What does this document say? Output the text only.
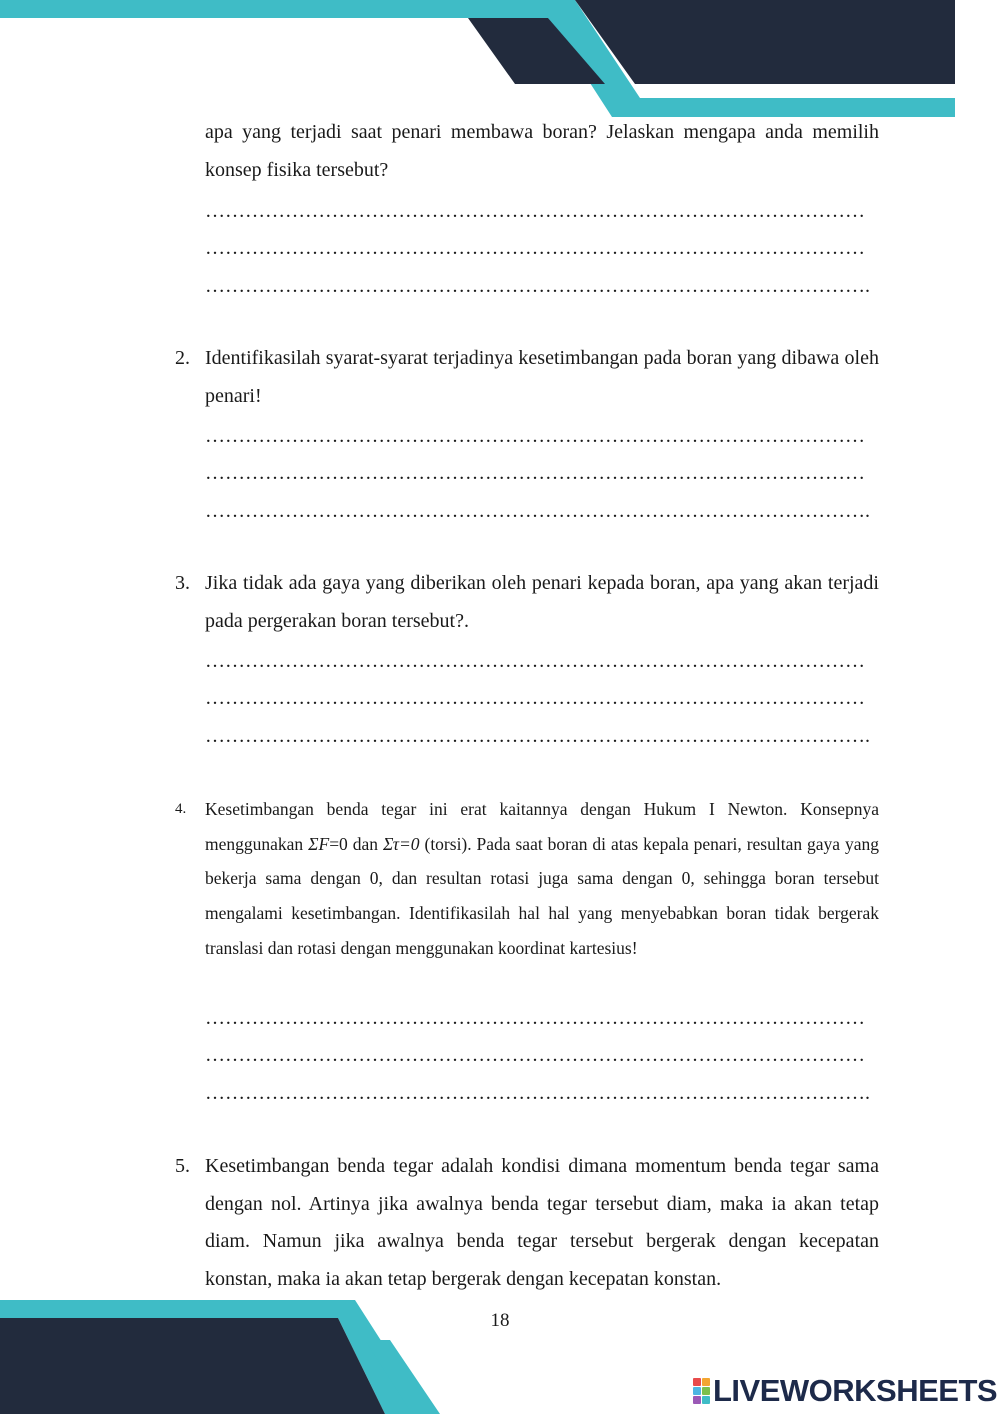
apa yang terjadi saat penari membawa boran? Jelaskan mengapa anda memilih konsep fisika tersebut?

………………………………………………………………………………………
………………………………………………………………………………………
……………………………………………………………………………………….
2. Identifikasilah syarat-syarat terjadinya kesetimbangan pada boran yang dibawa oleh penari!

………………………………………………………………………………………
………………………………………………………………………………………
……………………………………………………………………………………….
3. Jika tidak ada gaya yang diberikan oleh penari kepada boran, apa yang akan terjadi pada pergerakan boran tersebut?.

………………………………………………………………………………………
………………………………………………………………………………………
……………………………………………………………………………………….
4. Kesetimbangan benda tegar ini erat kaitannya dengan Hukum I Newton. Konsepnya menggunakan ΣF=0 dan Στ=0 (torsi). Pada saat boran di atas kepala penari, resultan gaya yang bekerja sama dengan 0, dan resultan rotasi juga sama dengan 0, sehingga boran tersebut mengalami kesetimbangan. Identifikasilah hal hal yang menyebabkan boran tidak bergerak translasi dan rotasi dengan menggunakan koordinat kartesius!

………………………………………………………………………………………
………………………………………………………………………………………
……………………………………………………………………………………….
5. Kesetimbangan benda tegar adalah kondisi dimana momentum benda tegar sama dengan nol. Artinya jika awalnya benda tegar tersebut diam, maka ia akan tetap diam. Namun jika awalnya benda tegar tersebut bergerak dengan kecepatan konstan, maka ia akan tetap bergerak dengan kecepatan konstan.

18
LIVEWORKSHEETS
